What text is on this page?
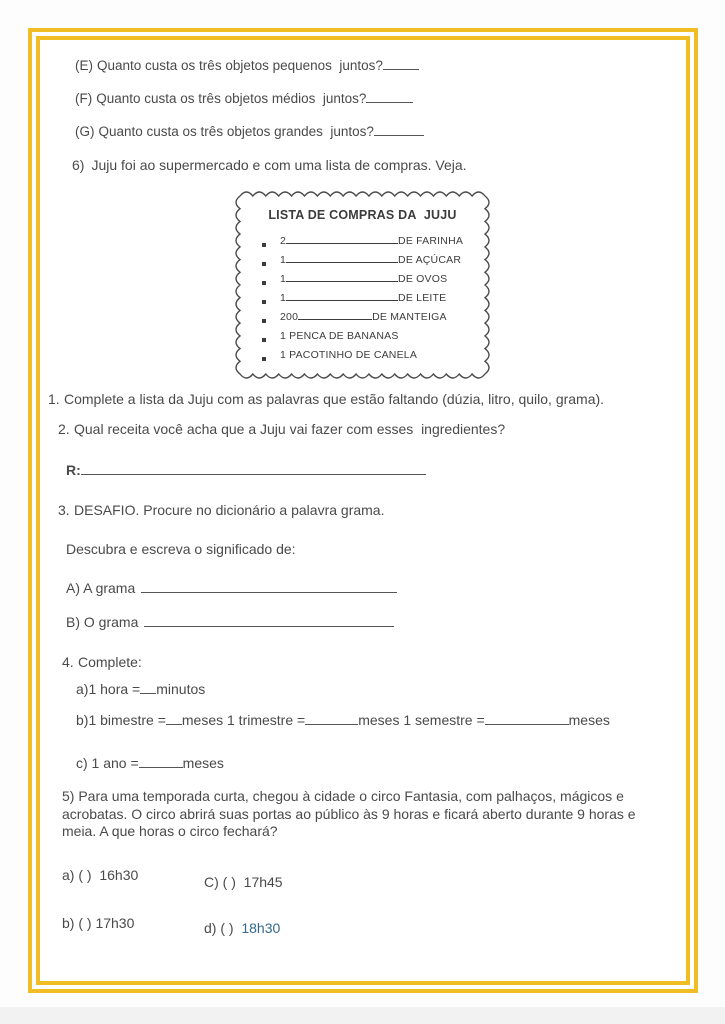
(E) Quanto custa os três objetos pequenos  juntos?
(F) Quanto custa os três objetos médios  juntos?
(G) Quanto custa os três objetos grandes  juntos?
6) Juju foi ao supermercado e com uma lista de compras. Veja.
LISTA DE COMPRAS DA  JUJU
2	DE FARINHA
1	DE AÇÚCAR
1	DE OVOS
1	DE LEITE
200	DE MANTEIGA
1 PENCA DE BANANAS
1 PACOTINHO DE CANELA
1. Complete a lista da Juju com as palavras que estão faltando (dúzia, litro, quilo, grama).
2. Qual receita você acha que a Juju vai fazer com esses  ingredientes?
R:
3. DESAFIO. Procure no dicionário a palavra grama.
Descubra e escreva o significado de:
A) A grama
B) O grama
4. Complete:
a)1 hora = minutos
b)1 bimestre = meses 1 trimestre =	meses 1 semestre =	meses
c) 1 ano =	meses
5) Para uma temporada curta, chegou à cidade o circo Fantasia, com palhaços, mágicos e acrobatas. O circo abrirá suas portas ao público às 9 horas e ficará aberto durante 9 horas e meia. A que horas o circo fechará?
a) ( )  16h30	C) ( )  17h45
b) ( ) 17h30	d) ( )  18h30
